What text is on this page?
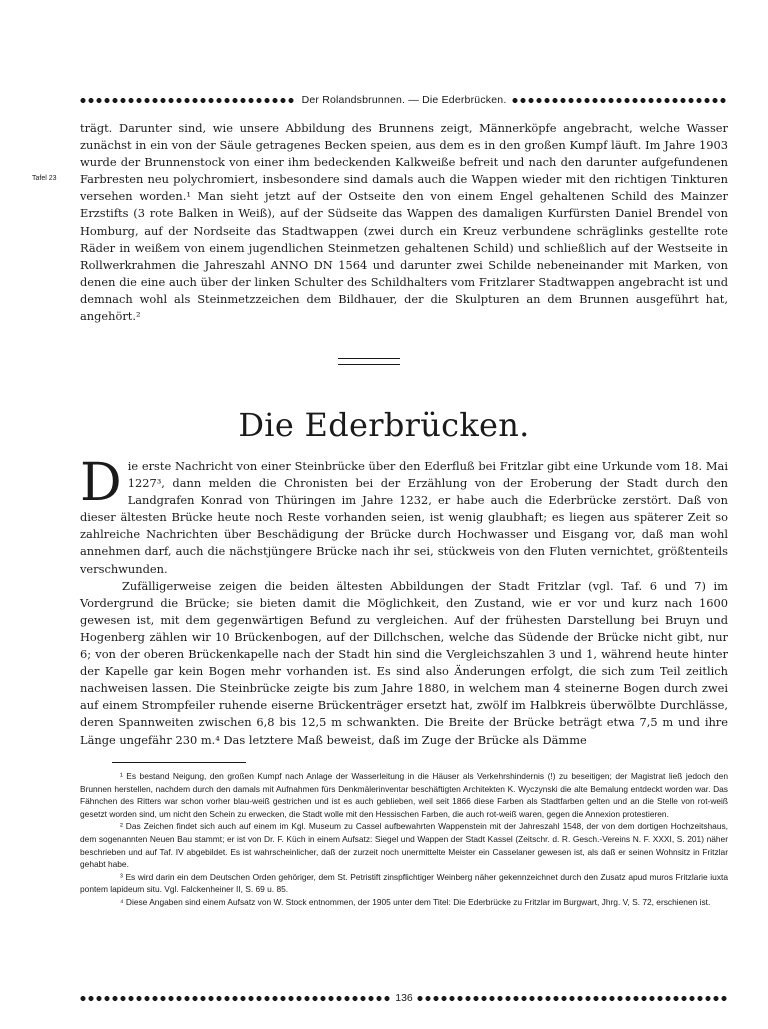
Der Rolandsbrunnen. — Die Ederbrücken.
Tafel 23

trägt. Darunter sind, wie unsere Abbildung des Brunnens zeigt, Männerköpfe angebracht, welche Wasser zunächst in ein von der Säule getragenes Becken speien, aus dem es in den großen Kumpf läuft. Im Jahre 1903 wurde der Brunnenstock von einer ihm bedeckenden Kalkweiße befreit und nach den darunter aufgefundenen Farbresten neu polychromiert, insbesondere sind damals auch die Wappen wieder mit den richtigen Tinkturen versehen worden.¹ Man sieht jetzt auf der Ostseite den von einem Engel gehaltenen Schild des Mainzer Erzstifts (3 rote Balken in Weiß), auf der Südseite das Wappen des damaligen Kurfürsten Daniel Brendel von Homburg, auf der Nordseite das Stadtwappen (zwei durch ein Kreuz verbundene schräglinks gestellte rote Räder in weißem von einem jugendlichen Steinmetzen gehaltenen Schild) und schließlich auf der Westseite in Rollwerkrahmen die Jahreszahl ANNO DN 1564 und darunter zwei Schilde nebeneinander mit Marken, von denen die eine auch über der linken Schulter des Schildhalters vom Fritzlarer Stadtwappen angebracht ist und demnach wohl als Steinmetzzeichen dem Bildhauer, der die Skulpturen an dem Brunnen ausgeführt hat, angehört.²

Die Ederbrücken.

Die erste Nachricht von einer Steinbrücke über den Ederfluß bei Fritzlar gibt eine Urkunde vom 18. Mai 1227³, dann melden die Chronisten bei der Erzählung von der Eroberung der Stadt durch den Landgrafen Konrad von Thüringen im Jahre 1232, er habe auch die Ederbrücke zerstört. Daß von dieser ältesten Brücke heute noch Reste vorhanden seien, ist wenig glaubhaft; es liegen aus späterer Zeit so zahlreiche Nachrichten über Beschädigung der Brücke durch Hochwasser und Eisgang vor, daß man wohl annehmen darf, auch die nächstjüngere Brücke nach ihr sei, stückweis von den Fluten vernichtet, größtenteils verschwunden.

Zufälligerweise zeigen die beiden ältesten Abbildungen der Stadt Fritzlar (vgl. Taf. 6 und 7) im Vordergrund die Brücke; sie bieten damit die Möglichkeit, den Zustand, wie er vor und kurz nach 1600 gewesen ist, mit dem gegenwärtigen Befund zu vergleichen. Auf der frühesten Darstellung bei Bruyn und Hogenberg zählen wir 10 Brückenbogen, auf der Dillchschen, welche das Südende der Brücke nicht gibt, nur 6; von der oberen Brückenkapelle nach der Stadt hin sind die Vergleichszahlen 3 und 1, während heute hinter der Kapelle gar kein Bogen mehr vorhanden ist. Es sind also Änderungen erfolgt, die sich zum Teil zeitlich nachweisen lassen. Die Steinbrücke zeigte bis zum Jahre 1880, in welchem man 4 steinerne Bogen durch zwei auf einem Strompfeiler ruhende eiserne Brückenträger ersetzt hat, zwölf im Halbkreis überwölbte Durchlässe, deren Spannweiten zwischen 6,8 bis 12,5 m schwankten. Die Breite der Brücke beträgt etwa 7,5 m und ihre Länge ungefähr 230 m.⁴ Das letztere Maß beweist, daß im Zuge der Brücke als Dämme

¹ Es bestand Neigung, den großen Kumpf nach Anlage der Wasserleitung in die Häuser als Verkehrshindernis (!) zu beseitigen; der Magistrat ließ jedoch den Brunnen herstellen, nachdem durch den damals mit Aufnahmen fürs Denkmälerinventar beschäftigten Architekten K. Wyczynski die alte Bemalung entdeckt worden war. Das Fähnchen des Ritters war schon vorher blau-weiß gestrichen und ist es auch geblieben, weil seit 1866 diese Farben als Stadtfarben gelten und an die Stelle von rot-weiß gesetzt worden sind, um nicht den Schein zu erwecken, die Stadt wolle mit den Hessischen Farben, die auch rot-weiß waren, gegen die Annexion protestieren.

² Das Zeichen findet sich auch auf einem im Kgl. Museum zu Cassel aufbewahrten Wappenstein mit der Jahreszahl 1548, der von dem dortigen Hochzeitshaus, dem sogenannten Neuen Bau stammt; er ist von Dr. F. Küch in einem Aufsatz: Siegel und Wappen der Stadt Kassel (Zeitschr. d. R. Gesch.-Vereins N. F. XXXI, S. 201) näher beschrieben und auf Taf. IV abgebildet. Es ist wahrscheinlicher, daß der zurzeit noch unermittelte Meister ein Casselaner gewesen ist, als daß er seinen Wohnsitz in Fritzlar gehabt habe.

³ Es wird darin ein dem Deutschen Orden gehöriger, dem St. Petristift zinspflichtiger Weinberg näher gekennzeichnet durch den Zusatz apud muros Fritzlarie iuxta pontem lapideum situ. Vgl. Falckenheiner II, S. 69 u. 85.

⁴ Diese Angaben sind einem Aufsatz von W. Stock entnommen, der 1905 unter dem Titel: Die Ederbrücke zu Fritzlar im Burgwart, Jhrg. V, S. 72, erschienen ist.

136
